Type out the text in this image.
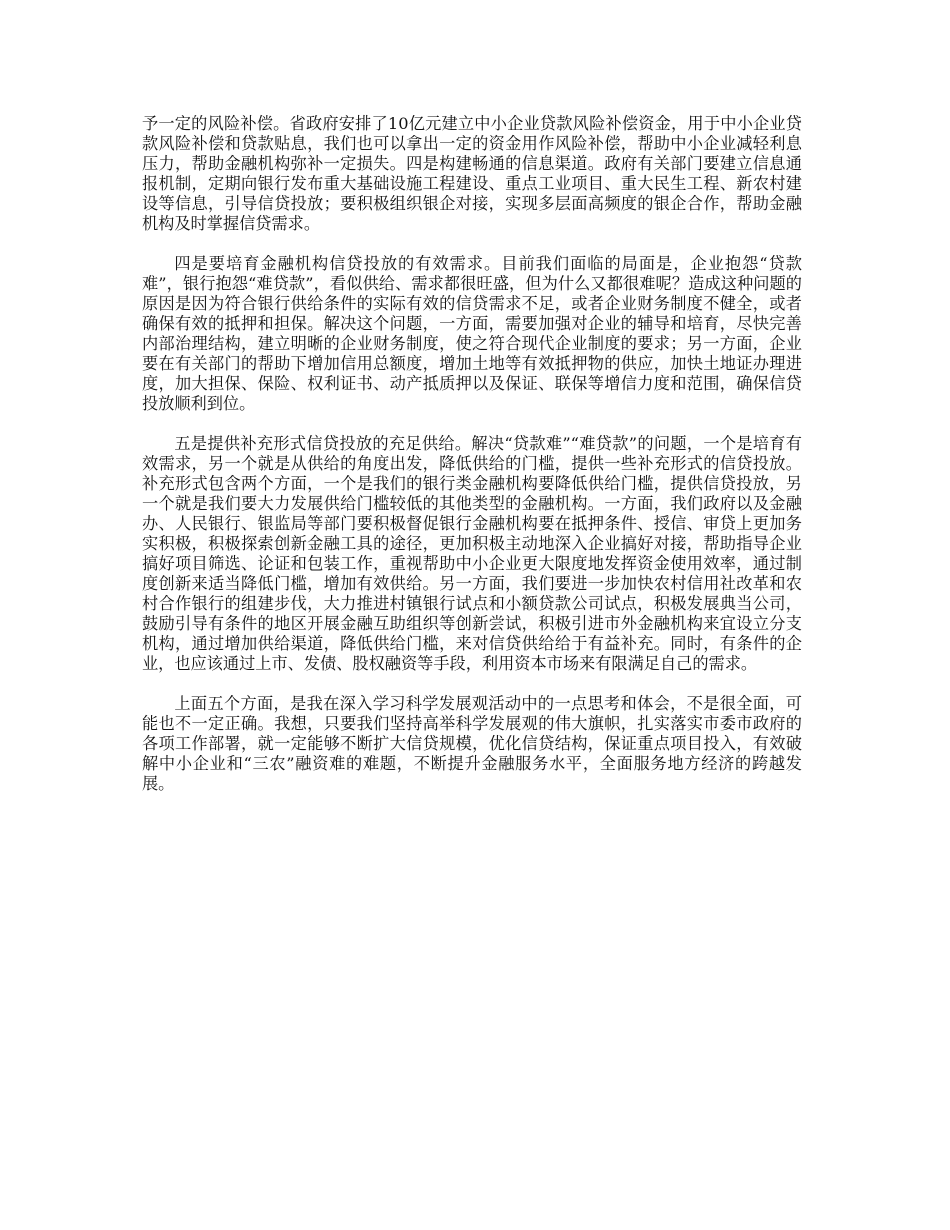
予一定的风险补偿。省政府安排了10亿元建立中小企业贷款风险补偿资金，用于中小企业贷款风险补偿和贷款贴息，我们也可以拿出一定的资金用作风险补偿，帮助中小企业减轻利息压力，帮助金融机构弥补一定损失。四是构建畅通的信息渠道。政府有关部门要建立信息通报机制，定期向银行发布重大基础设施工程建设、重点工业项目、重大民生工程、新农村建设等信息，引导信贷投放；要积极组织银企对接，实现多层面高频度的银企合作，帮助金融机构及时掌握信贷需求。

四是要培育金融机构信贷投放的有效需求。目前我们面临的局面是，企业抱怨“贷款难”，银行抱怨“难贷款”，看似供给、需求都很旺盛，但为什么又都很难呢？造成这种问题的原因是因为符合银行供给条件的实际有效的信贷需求不足，或者企业财务制度不健全，或者确保有效的抵押和担保。解决这个问题，一方面，需要加强对企业的辅导和培育，尽快完善内部治理结构，建立明晰的企业财务制度，使之符合现代企业制度的要求；另一方面，企业要在有关部门的帮助下增加信用总额度，增加土地等有效抵押物的供应，加快土地证办理进度，加大担保、保险、权利证书、动产抵质押以及保证、联保等增信力度和范围，确保信贷投放顺利到位。

五是提供补充形式信贷投放的充足供给。解决“贷款难”“难贷款”的问题，一个是培育有效需求，另一个就是从供给的角度出发，降低供给的门槛，提供一些补充形式的信贷投放。补充形式包含两个方面，一个是我们的银行类金融机构要降低供给门槛，提供信贷投放，另一个就是我们要大力发展供给门槛较低的其他类型的金融机构。一方面，我们政府以及金融办、人民银行、银监局等部门要积极督促银行金融机构要在抵押条件、授信、审贷上更加务实积极，积极探索创新金融工具的途径，更加积极主动地深入企业搞好对接，帮助指导企业搞好项目筛选、论证和包装工作，重视帮助中小企业更大限度地发挥资金使用效率，通过制度创新来适当降低门槛，增加有效供给。另一方面，我们要进一步加快农村信用社改革和农村合作银行的组建步伐，大力推进村镇银行试点和小额贷款公司试点，积极发展典当公司，鼓励引导有条件的地区开展金融互助组织等创新尝试，积极引进市外金融机构来宜设立分支机构，通过增加供给渠道，降低供给门槛，来对信贷供给给于有益补充。同时，有条件的企业，也应该通过上市、发债、股权融资等手段，利用资本市场来有限满足自己的需求。

上面五个方面，是我在深入学习科学发展观活动中的一点思考和体会，不是很全面，可能也不一定正确。我想，只要我们坚持高举科学发展观的伟大旗帜，扎实落实市委市政府的各项工作部署，就一定能够不断扩大信贷规模，优化信贷结构，保证重点项目投入，有效破解中小企业和“三农”融资难的难题，不断提升金融服务水平，全面服务地方经济的跨越发展。
